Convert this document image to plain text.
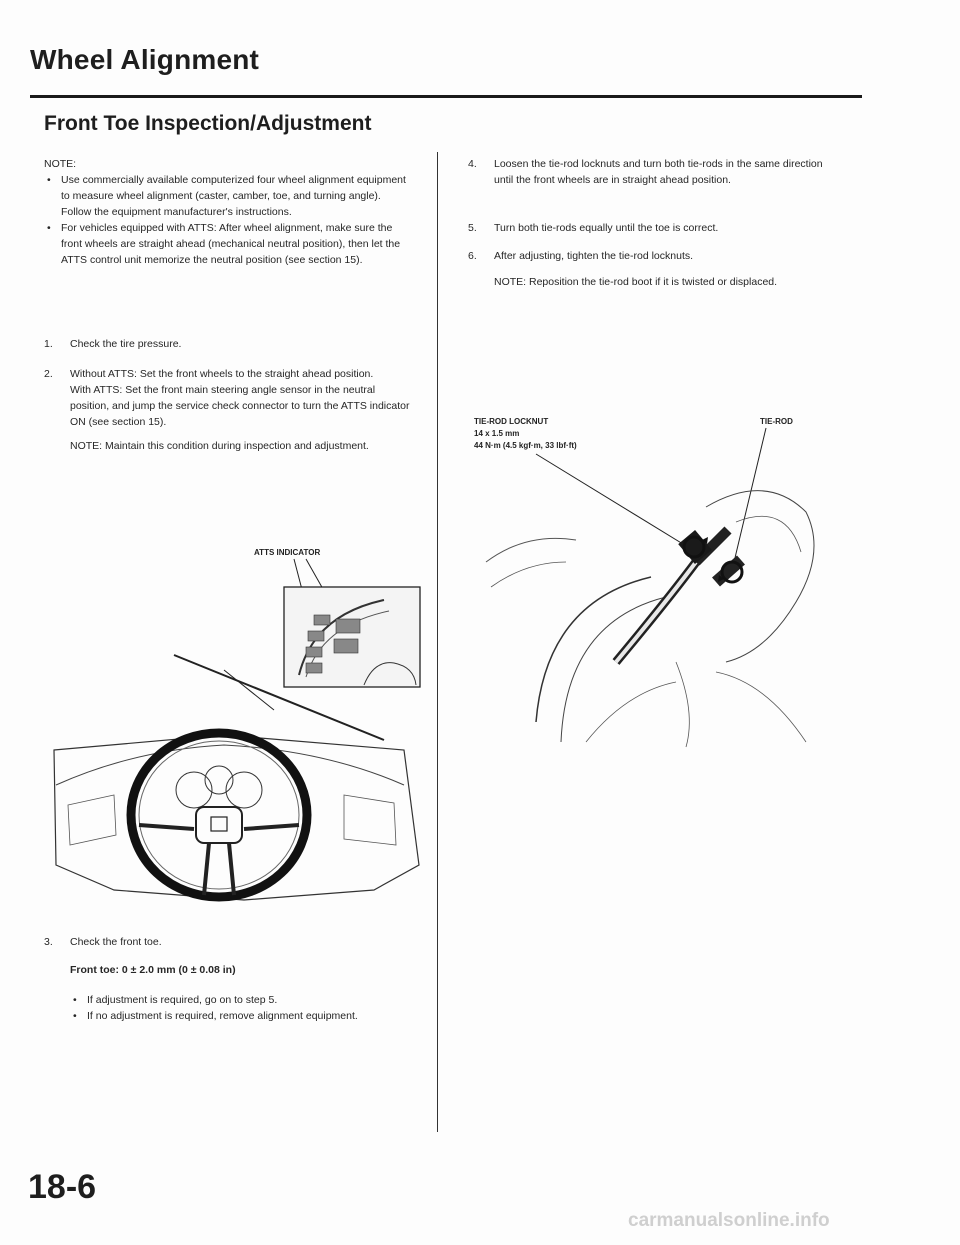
Wheel Alignment
Front Toe Inspection/Adjustment

NOTE:

• Use commercially available computerized four wheel alignment equipment to measure wheel alignment (caster, camber, toe, and turning angle). Follow the equipment manufacturer's instructions.

• For vehicles equipped with ATTS: After wheel alignment, make sure the front wheels are straight ahead (mechanical neutral position), then let the ATTS control unit memorize the neutral position (see section 15).

1. Check the tire pressure.

2. Without ATTS: Set the front wheels to the straight ahead position.

With ATTS: Set the front main steering angle sensor in the neutral position, and jump the service check connector to turn the ATTS indicator ON (see section 15).

NOTE: Maintain this condition during inspection and adjustment.

ATTS INDICATOR

3. Check the front toe.

Front toe: 0 ± 2.0 mm (0 ± 0.08 in)

• If adjustment is required, go on to step 5.

• If no adjustment is required, remove alignment equipment.

4. Loosen the tie-rod locknuts and turn both tie-rods in the same direction until the front wheels are in straight ahead position.

5. Turn both tie-rods equally until the toe is correct.

6. After adjusting, tighten the tie-rod locknuts.

NOTE: Reposition the tie-rod boot if it is twisted or displaced.

TIE-ROD LOCKNUT
14 x 1.5 mm
44 N·m (4.5 kgf·m, 33 lbf·ft)
TIE-ROD
18-6
carmanualsonline.info
